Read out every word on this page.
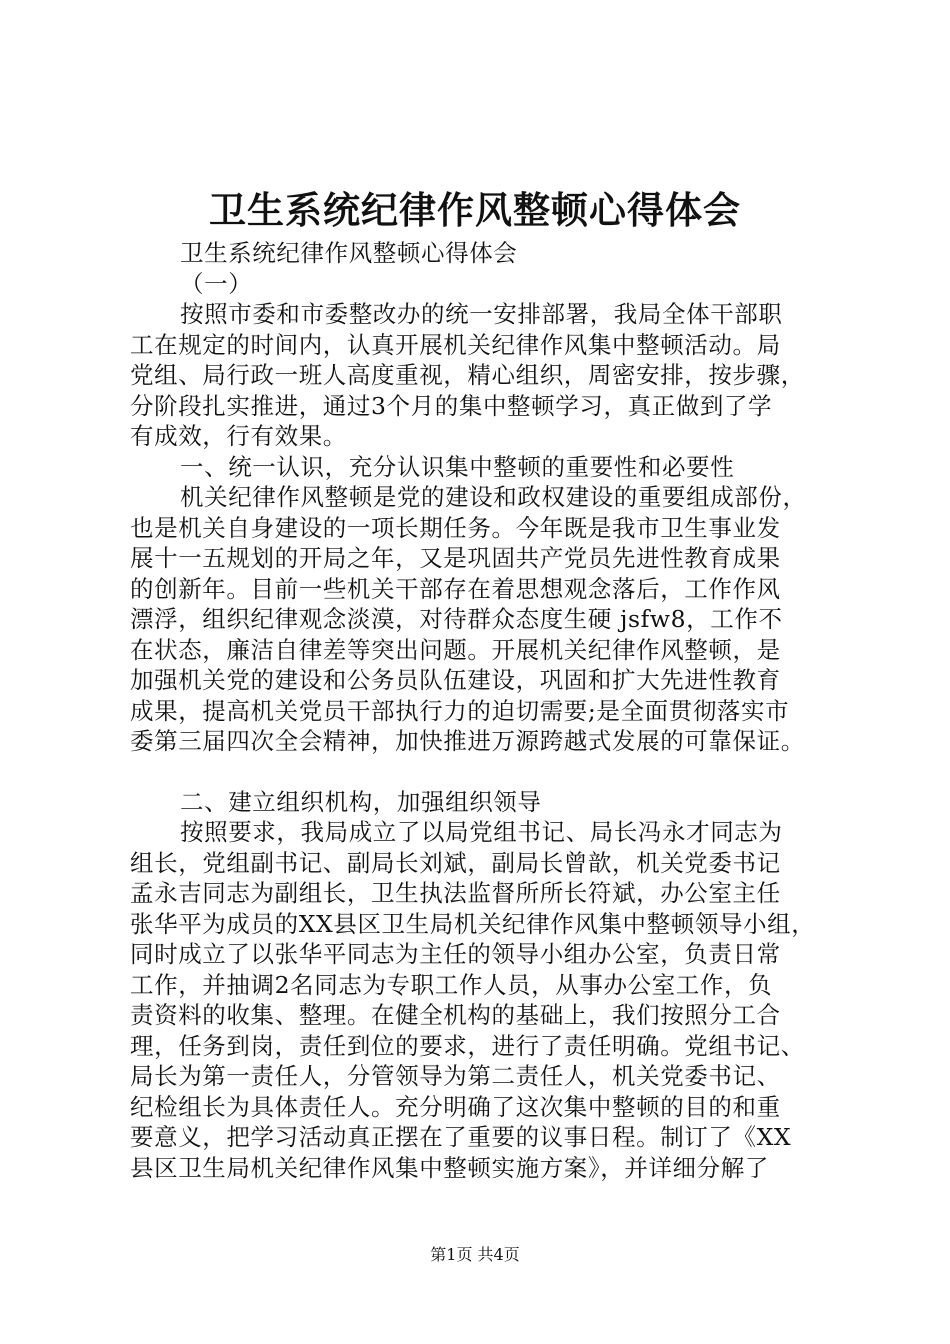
卫生系统纪律作风整顿心得体会
卫生系统纪律作风整顿心得体会
（一）
按照市委和市委整改办的统一安排部署，我局全体干部职
工在规定的时间内，认真开展机关纪律作风集中整顿活动。局
党组、局行政一班人高度重视，精心组织，周密安排，按步骤，
分阶段扎实推进，通过3个月的集中整顿学习，真正做到了学
有成效，行有效果。
一、统一认识，充分认识集中整顿的重要性和必要性
机关纪律作风整顿是党的建设和政权建设的重要组成部份，
也是机关自身建设的一项长期任务。今年既是我市卫生事业发
展十一五规划的开局之年，又是巩固共产党员先进性教育成果
的创新年。目前一些机关干部存在着思想观念落后，工作作风
漂浮，组织纪律观念淡漠，对待群众态度生硬 jsfw8，工作不
在状态，廉洁自律差等突出问题。开展机关纪律作风整顿，是
加强机关党的建设和公务员队伍建设，巩固和扩大先进性教育
成果，提高机关党员干部执行力的迫切需要;是全面贯彻落实市
委第三届四次全会精神，加快推进万源跨越式发展的可靠保证。
二、建立组织机构，加强组织领导
按照要求，我局成立了以局党组书记、局长冯永才同志为
组长，党组副书记、副局长刘斌，副局长曾歆，机关党委书记
孟永吉同志为副组长，卫生执法监督所所长符斌，办公室主任
张华平为成员的XX县区卫生局机关纪律作风集中整顿领导小组，
同时成立了以张华平同志为主任的领导小组办公室，负责日常
工作，并抽调2名同志为专职工作人员，从事办公室工作，负
责资料的收集、整理。在健全机构的基础上，我们按照分工合
理，任务到岗，责任到位的要求，进行了责任明确。党组书记、
局长为第一责任人，分管领导为第二责任人，机关党委书记、
纪检组长为具体责任人。充分明确了这次集中整顿的目的和重
要意义，把学习活动真正摆在了重要的议事日程。制订了《XX
县区卫生局机关纪律作风集中整顿实施方案》，并详细分解了
第1页 共4页
